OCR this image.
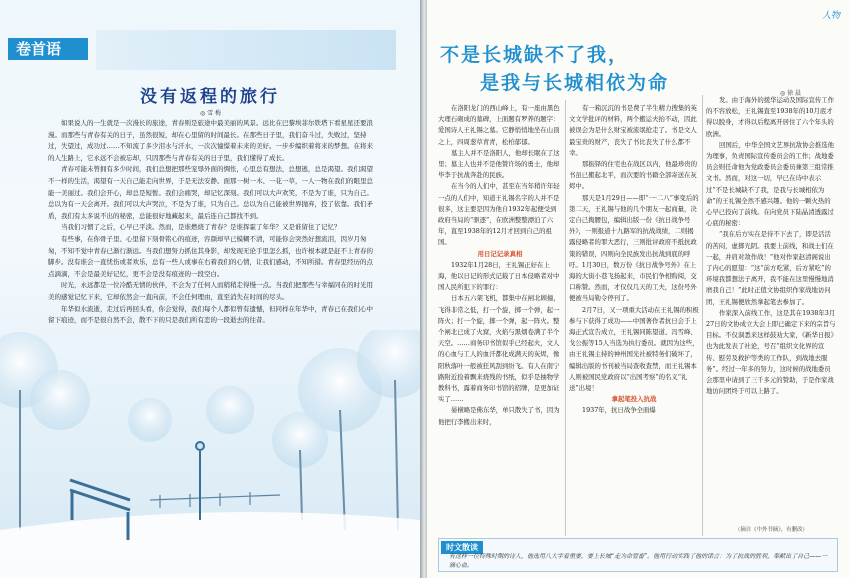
卷首语
没有返程的旅行
◎ 雪 梅

如果说人的一生就是一次漫长的旅途，青春则是旅途中最美丽的风景。远比在巴黎埃菲尔铁塔下看星星还要浪漫。而那些与青春有关的日子，虽然很短，却在心里留的时间最长。在那些日子里，我们奋斗过，失败过，坚持过，失望过，成功过……不知流了多少泪水与汗水，一次次憧憬着未来的美好。一步步编织着将来的梦想。在将来的人生路上，它永远不会被忘却，只因那些与青春有关的日子里，我们懂得了成长。

青春可能未曾拥有多少时间，我们总想把那些宠辱外面的惆怅，心里总有想法，总想逃，总是渴望。我们渴望不一样的生活，渴望有一天自己能走向世界，于是无法安静。面那一树一木、一花一草，一人一物在我们的眼里总能一美丽过。我们会开心，却总是短暂。我们会痛哭，却记忆深刻。我们可以大声欢笑，不是为了谁，只为自己。总以为有一天会离开。我们可以大声哭泣，不是为了谁，只为自己。总以为自己能被世界抛弃，投了依靠。我们矛盾，我们有太多说不出的秘密，总能很好地藏起来，最后连自己都找不到。

当我们习惯了之后，心早已平淡。然而，是谁燃烧了青春？是谁挥霍了年华？又是谁留住了记忆？

有些事，在你骨子里、心里留下刻骨铭心的痕迹，容颜却早已模糊不清，可能你会突然好想流泪，因岁月匆匆，不知不觉中青春已渐行渐远。当我们想努力抓住其身影，却发现无论手里怎么抓，也许根本就是赶不上青春的脚步。没有谁会一直忧伤或者欢乐，总有一些人或事在右着我们的心情，让我们感动，不知所措。青春里经历的点点滴滴，不会是最美好记忆，更不会是没有痕迹的一段空白。

时光，永远都是一位冷酷无情的伙伴，不会为了任何人而稍稍走得慢一点。当我们把那些与幸福同在的时光用美的感觉记忆下来，它却依然会一直向前，不会任何理由，直至消失在时间的尽头。

年华似水流逝，走过后再回头看，你会觉得，我们每个人都似曾有遗憾，但同样在年华中，青春已在我们心中留下痕迹，而不是很自然不会，散不下的只是我们所有恋的一段逝去的往昔。

人物
不是长城缺不了我，
是我与长城相依为命	◎ 徐 晨

在洛阳龙门的西山峰上，有一座由黑色大理石砌成的墓碑，上面题有罗养的题字：爱国诗人王礼锡之墓。它静悄悄地坐在山顶之上，四周葱草青青，松柏郁郁。

墓主人并不是洛阳人，他却长眠在了这里；墓主人也并不是他赞许场的勇士，他却毕李于抗战奔赴的民族。

在当今的人们中，甚至在当年稍许年轻一点的人们中，知道王礼锡名字的人并不是很多，这主要是因为他自1932年起便受到政府当局的“驱逐”，在欧洲整整漂泊了六年，直至1938年的12月才回到自己的祖国。

用日记记录真相

1932年1月28日，王礼锡正好在上海，他以日记的形式记载了日本侵略者对中国人民所犯下的罪行：

日本五六架飞机，都集中在闸北顾撞，飞得非常之低，打一个旋，掷一个弹，起一阵火；打一个旋，掷一个弹，起一阵火。整个闸北已成了火窟，火焰与黑烟卷满了半个天空。……商务印书馆似乎已经起火，文人的心血与工人的血汗都化成满天的灰烬，像阳秋落叶一般被狂风刮到纷飞。有人在南宁路附近捡着飘来烧残的书纸，似乎是抽物学教科书，露着商务印书馆的招牌，是更加证实了……

晏横略是佛东华，单只散失了书，因为他把行李搬出来时，

有一箱沉沉的书是费了半生精力搜集的英文文学批评的材料，两个搬运夫抬不动，因此被误会为是什么财宝被流氓抢走了。书是文人最宝贵的财产，丧失了书比丧失了什么都不幸。

那振铎的住宅也在战区以内，他最珍贵的书虽已搬起北平，而次要的书籍全部寄送在灰烬中。

那天是1月29日——即“一·二八”事变后的第二天，王礼锡与他的几个朋友一起商量，决定自己掏腰包，编辑出版一份《抗日战争号外》，一则报道十九路军的抗战战绩，二则揭露侵略者的罪大恶行，三则批评政府不抵抗政策的错误，四则向全民族发出抗战到底的呼吁。1月30日，数万份《抗日战争号外》在上海的大街小巷飞扬起来，市民们争相购阅，交口称赞。然而，才仅仅几天的工夫，这份号外便被当局勒令停刊了。

2月7日，又一项重大活动在王礼锡的积极参与下获得了成功——中国著作者抗日会于上海正式宣告成立，王礼锡同陈望道、冯雪峰、戈公振等15人当选为执行委员。就因为这些，由王礼锡主持的神州国光社被特务们破坏了，编辑出版的书刊被当局查收查禁，而王礼锡本人则被国民党政府以“出国考察”的名义“礼送”出境！

拿起笔投入抗战

1937年，抗日战争全面爆

发。由于海外的援华运动及国际宣传工作的不容放松，王礼锡直至1938年的10月底才得以脱身，才得以后程离开居住了六个年头的欧洲。

回国后，中华全国文艺界抗敌协会推选他为理事，负责国际宣传委员会的工作；战地委员会则任命他为党政委员会委员兼第三组常推文书。然而，对这一切，早已在诗中表示过“不是长城缺不了我，是我与长城相依为命”的王礼锡全然不感兴趣。他的一颗火热的心早已投向了前线。在向党员下陆晶清透露过心底的秘密：

“我在后方实在是待不下去了，即是活活的苦闷，虚掷光阴。我要上前线，和战士们在一起，并肩对敌作战！”他对作家赵清阁说出了内心的愿望：“这“前方吃紧，后方紧吃”的环境我都想法子离开，我不能在这里慢慢地消磨我自己！”此时正值文协组织作家战地访问团，王礼锡便欣然拿起笔去参加了。

作家深入前线工作，这是其在1938年3月27日的文协成立大会上即已确定下来的宗旨与目标。不仅洞悉来这样鼓劝大家，《新华日报》也为此发表了社论，号召“组织文化界的宣传、慰劳及救护等类的工作队，到战地去服务”。经过一年多的努力，这时候的战地委员会那里申请到了三千多元的赞助，于是作家战地访问团终于可以上路了。

（摘自《中外书摘》，有删改）
时文散读
有这样一位特殊时期的诗人，他选用八大字看重要，要上长城“走为命管畜”。他用行动实践了他的诺言：为了抗战的胜利，奉献出了自己——一滴心血。
